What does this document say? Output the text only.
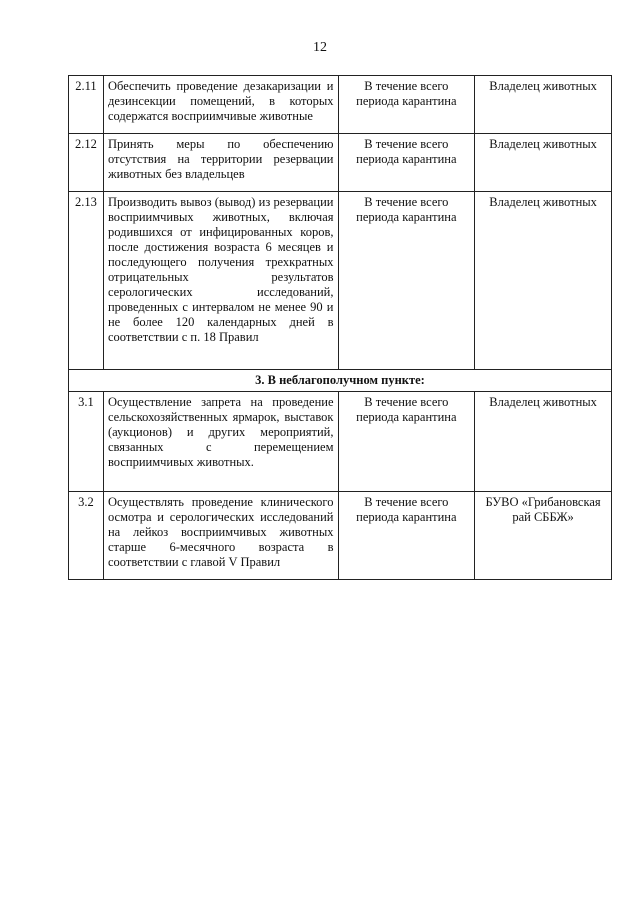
12
2.11	Обеспечить проведение дезакаризации и дезинсекции помещений, в которых содержатся восприимчивые животные	В течение всего периода карантина	Владелец животных
2.12	Принять меры по обеспечению отсутствия на территории резервации животных без владельцев	В течение всего периода карантина	Владелец животных
2.13	Производить вывоз (вывод) из резервации восприимчивых животных, включая родившихся от инфицированных коров, после достижения возраста 6 месяцев и последующего получения трехкратных отрицательных результатов серологических исследований, проведенных с интервалом не менее 90 и не более 120 календарных дней в соответствии с п. 18 Правил	В течение всего периода карантина	Владелец животных
3. В неблагополучном пункте:			
3.1	Осуществление запрета на проведение сельскохозяйственных ярмарок, выставок (аукционов) и других мероприятий, связанных с перемещением восприимчивых животных.	В течение всего периода карантина	Владелец животных
3.2	Осуществлять проведение клинического осмотра и серологических исследований на лейкоз восприимчивых животных старше 6-месячного возраста в соответствии с главой V Правил	В течение всего периода карантина	БУВО «Грибановская рай СББЖ»
